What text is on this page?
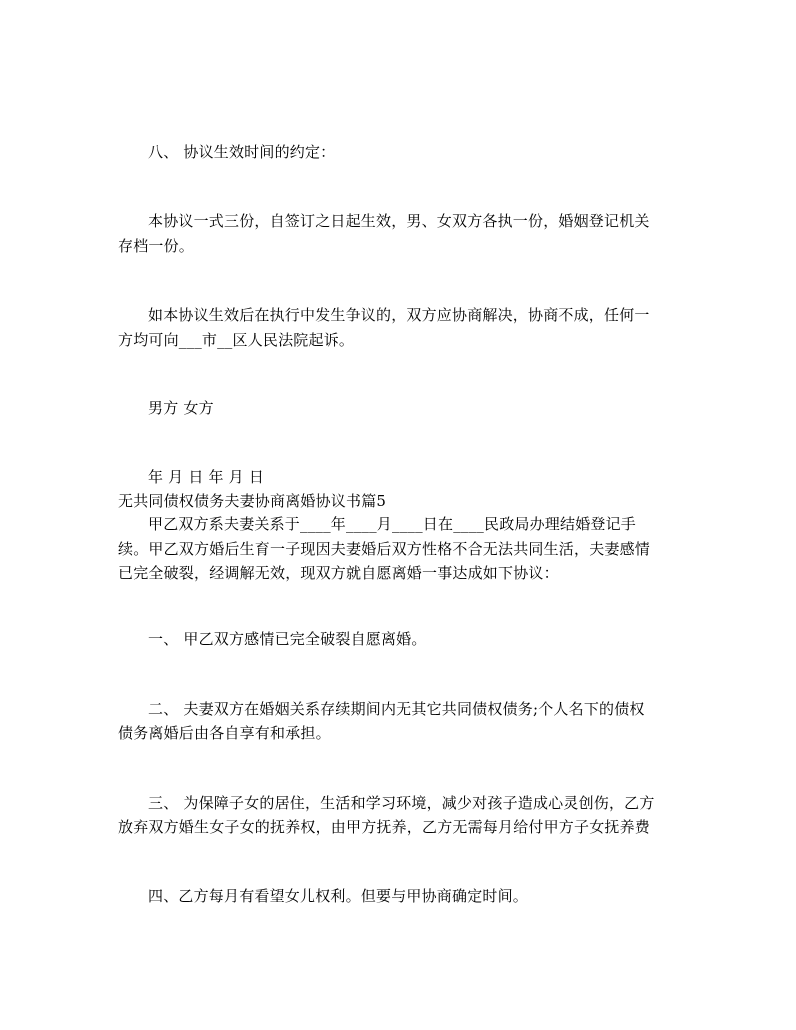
八、 协议生效时间的约定：
本协议一式三份，自签订之日起生效，男、女双方各执一份，婚姻登记机关
存档一份。
如本协议生效后在执行中发生争议的，双方应协商解决，协商不成，任何一
方均可向___市__区人民法院起诉。
男方 女方
年 月 日 年 月 日
无共同债权债务夫妻协商离婚协议书篇5
甲乙双方系夫妻关系于____年____月____日在____民政局办理结婚登记手
续。甲乙双方婚后生育一子现因夫妻婚后双方性格不合无法共同生活，夫妻感情
已完全破裂，经调解无效，现双方就自愿离婚一事达成如下协议：
一、 甲乙双方感情已完全破裂自愿离婚。
二、 夫妻双方在婚姻关系存续期间内无其它共同债权债务;个人名下的债权
债务离婚后由各自享有和承担。
三、 为保障子女的居住，生活和学习环境，减少对孩子造成心灵创伤，乙方
放弃双方婚生女子女的抚养权，由甲方抚养，乙方无需每月给付甲方子女抚养费
四、乙方每月有看望女儿权利。但要与甲协商确定时间。
